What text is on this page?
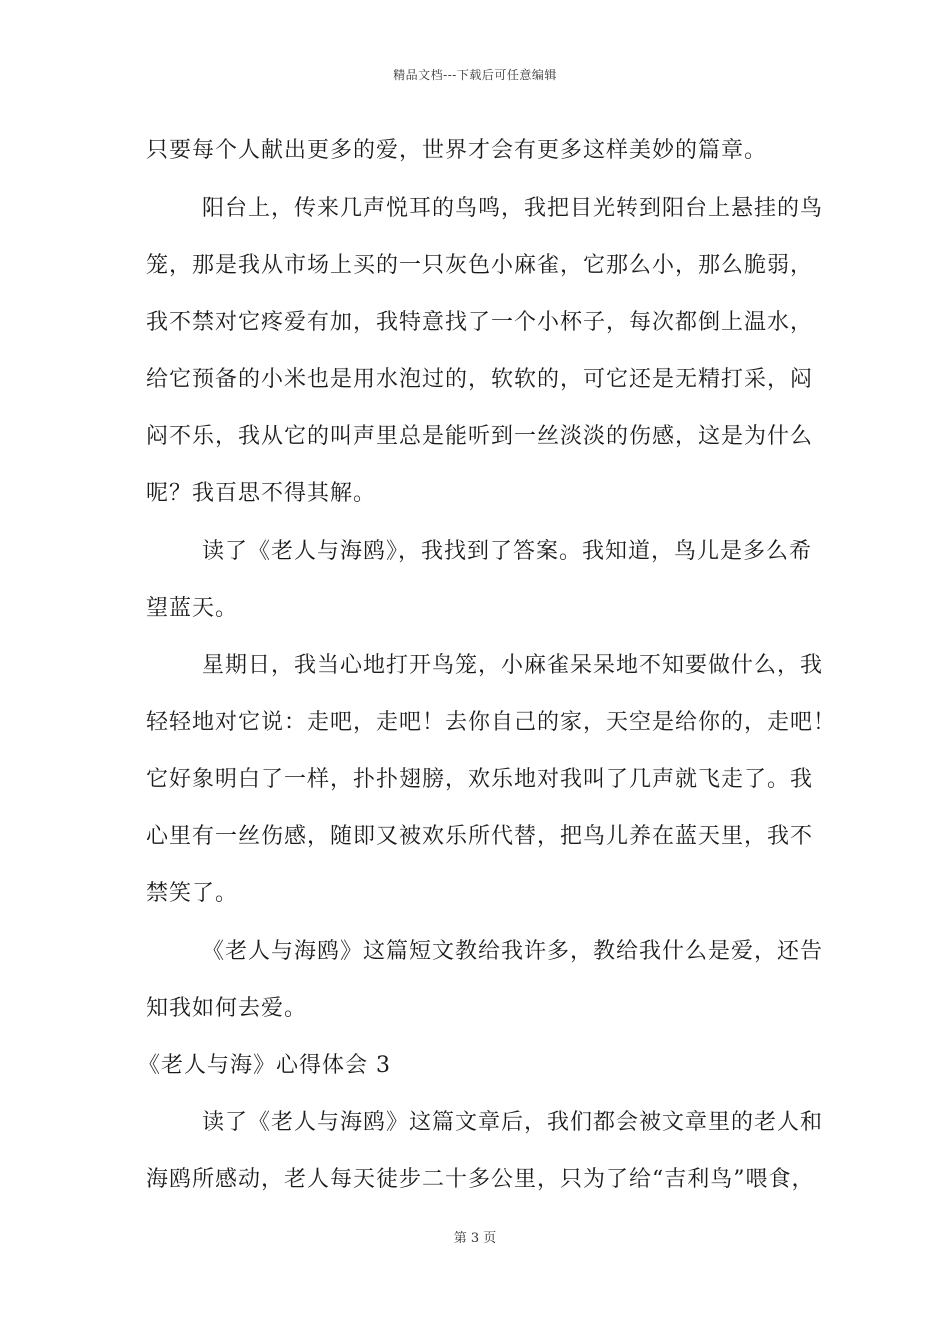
精品文档---下载后可任意编辑
只要每个人献出更多的爱，世界才会有更多这样美妙的篇章。
阳台上，传来几声悦耳的鸟鸣，我把目光转到阳台上悬挂的鸟
笼，那是我从市场上买的一只灰色小麻雀，它那么小，那么脆弱，
我不禁对它疼爱有加，我特意找了一个小杯子，每次都倒上温水，
给它预备的小米也是用水泡过的，软软的，可它还是无精打采，闷
闷不乐，我从它的叫声里总是能听到一丝淡淡的伤感，这是为什么
呢？我百思不得其解。
读了《老人与海鸥》，我找到了答案。我知道，鸟儿是多么希
望蓝天。
星期日，我当心地打开鸟笼，小麻雀呆呆地不知要做什么，我
轻轻地对它说：走吧，走吧！去你自己的家，天空是给你的，走吧！
它好象明白了一样，扑扑翅膀，欢乐地对我叫了几声就飞走了。我
心里有一丝伤感，随即又被欢乐所代替，把鸟儿养在蓝天里，我不
禁笑了。
《老人与海鸥》这篇短文教给我许多，教给我什么是爱，还告
知我如何去爱。
《老人与海》心得体会 3
读了《老人与海鸥》这篇文章后，我们都会被文章里的老人和
海鸥所感动，老人每天徒步二十多公里，只为了给“吉利鸟”喂食，
第 3 页
